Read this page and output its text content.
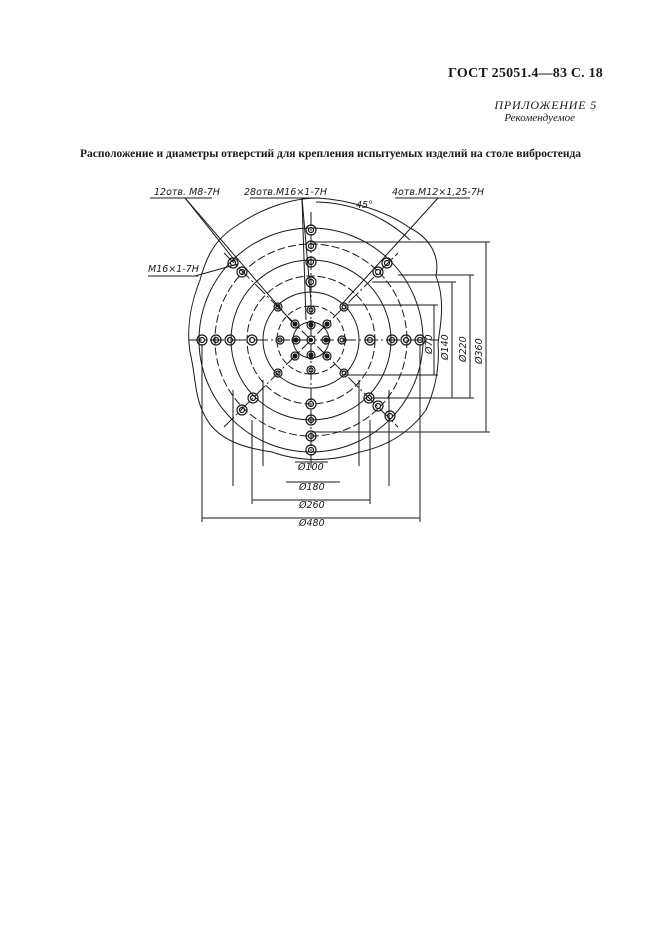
ГОСТ 25051.4—83 С. 18
ПРИЛОЖЕНИЕ 5
Рекомендуемое
Расположение и диаметры отверстий для крепления испытуемых изделий на столе вибростенда
12отв. М8-7Н	28отв.М16×1-7Н	4отв.М12×1,25-7Н
М16×1-7Н
45°
Ø100
Ø180
Ø260
Ø480
Ø70 Ø140 Ø220 Ø360
